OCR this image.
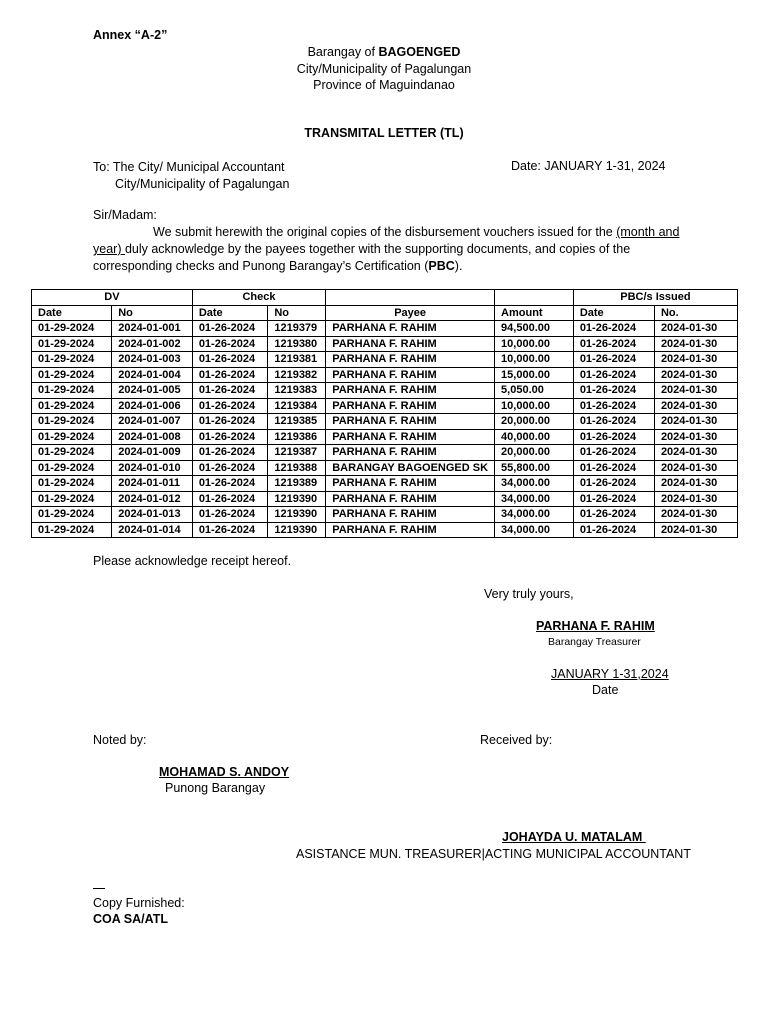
Annex “A-2”
Barangay of BAGOENGED
City/Municipality of Pagalungan
Province of Maguindanao
TRANSMITAL LETTER (TL)
To: The City/ Municipal Accountant
City/Municipality of Pagalungan
Date: JANUARY 1-31, 2024
Sir/Madam:
We submit herewith the original copies of the disbursement vouchers issued for the (month and year) duly acknowledge by the payees together with the supporting documents, and copies of the corresponding checks and Punong Barangay’s Certification (PBC).
DV		Check				PBC/s Issued	
Date	No	Date	No	Payee	Amount	Date	No.
01-29-2024	2024-01-001	01-26-2024	1219379	PARHANA F. RAHIM	94,500.00	01-26-2024	2024-01-30
01-29-2024	2024-01-002	01-26-2024	1219380	PARHANA F. RAHIM	10,000.00	01-26-2024	2024-01-30
01-29-2024	2024-01-003	01-26-2024	1219381	PARHANA F. RAHIM	10,000.00	01-26-2024	2024-01-30
01-29-2024	2024-01-004	01-26-2024	1219382	PARHANA F. RAHIM	15,000.00	01-26-2024	2024-01-30
01-29-2024	2024-01-005	01-26-2024	1219383	PARHANA F. RAHIM	5,050.00	01-26-2024	2024-01-30
01-29-2024	2024-01-006	01-26-2024	1219384	PARHANA F. RAHIM	10,000.00	01-26-2024	2024-01-30
01-29-2024	2024-01-007	01-26-2024	1219385	PARHANA F. RAHIM	20,000.00	01-26-2024	2024-01-30
01-29-2024	2024-01-008	01-26-2024	1219386	PARHANA F. RAHIM	40,000.00	01-26-2024	2024-01-30
01-29-2024	2024-01-009	01-26-2024	1219387	PARHANA F. RAHIM	20,000.00	01-26-2024	2024-01-30
01-29-2024	2024-01-010	01-26-2024	1219388	BARANGAY BAGOENGED SK	55,800.00	01-26-2024	2024-01-30
01-29-2024	2024-01-011	01-26-2024	1219389	PARHANA F. RAHIM	34,000.00	01-26-2024	2024-01-30
01-29-2024	2024-01-012	01-26-2024	1219390	PARHANA F. RAHIM	34,000.00	01-26-2024	2024-01-30
01-29-2024	2024-01-013	01-26-2024	1219390	PARHANA F. RAHIM	34,000.00	01-26-2024	2024-01-30
01-29-2024	2024-01-014	01-26-2024	1219390	PARHANA F. RAHIM	34,000.00	01-26-2024	2024-01-30
Please acknowledge receipt hereof.
Very truly yours,
PARHANA F. RAHIM
Barangay Treasurer
JANUARY 1-31,2024
Date
Noted by:	Received by:
MOHAMAD S. ANDOY
Punong Barangay
JOHAYDA U. MATALAM
ASISTANCE MUN. TREASURER|ACTING MUNICIPAL ACCOUNTANT
Copy Furnished:
COA SA/ATL
